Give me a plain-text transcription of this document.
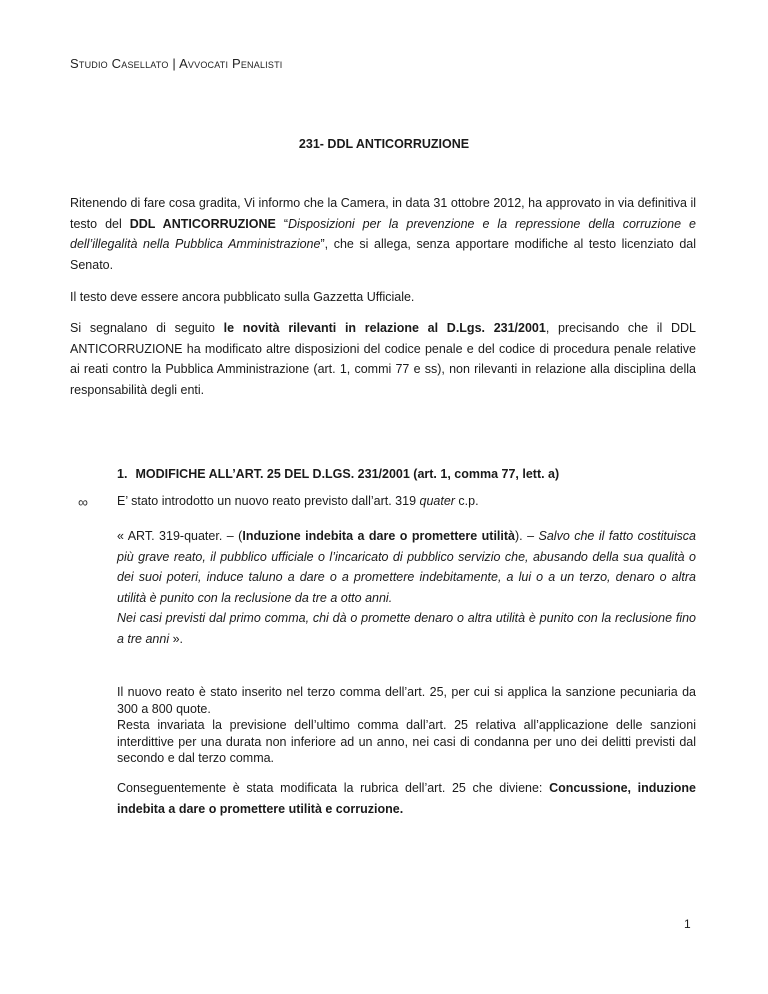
Studio Casellato | Avvocati Penalisti
231- DDL ANTICORRUZIONE

Ritenendo di fare cosa gradita, Vi informo che la Camera, in data 31 ottobre 2012, ha approvato in via definitiva il testo del DDL ANTICORRUZIONE “Disposizioni per la prevenzione e la repressione della corruzione e dell’illegalità nella Pubblica Amministrazione”, che si allega, senza apportare modifiche al testo licenziato dal Senato.

Il testo deve essere ancora pubblicato sulla Gazzetta Ufficiale.

Si segnalano di seguito le novità rilevanti in relazione al D.Lgs. 231/2001, precisando che il DDL ANTICORRUZIONE ha modificato altre disposizioni del codice penale e del codice di procedura penale relative ai reati contro la Pubblica Amministrazione (art. 1, commi 77 e ss), non rilevanti in relazione alla disciplina della responsabilità degli enti.

1. MODIFICHE ALL’ART. 25 DEL D.LGS. 231/2001 (art. 1, comma 77, lett. a)
∞ E’ stato introdotto un nuovo reato previsto dall’art. 319 quater c.p.

« ART. 319-quater. – (Induzione indebita a dare o promettere utilità). – Salvo che il fatto costituisca più grave reato, il pubblico ufficiale o l’incaricato di pubblico servizio che, abusando della sua qualità o dei suoi poteri, induce taluno a dare o a promettere indebitamente, a lui o a un terzo, denaro o altra utilità è punito con la reclusione da tre a otto anni.
Nei casi previsti dal primo comma, chi dà o promette denaro o altra utilità è punito con la reclusione fino a tre anni ».

Il nuovo reato è stato inserito nel terzo comma dell’art. 25, per cui si applica la sanzione pecuniaria da 300 a 800 quote.
Resta invariata la previsione dell’ultimo comma dall’art. 25 relativa all’applicazione delle sanzioni interdittive per una durata non inferiore ad un anno, nei casi di condanna per uno dei delitti previsti dal secondo e dal terzo comma.

Conseguentemente è stata modificata la rubrica dell’art. 25 che diviene: Concussione, induzione indebita a dare o promettere utilità e corruzione.

1
